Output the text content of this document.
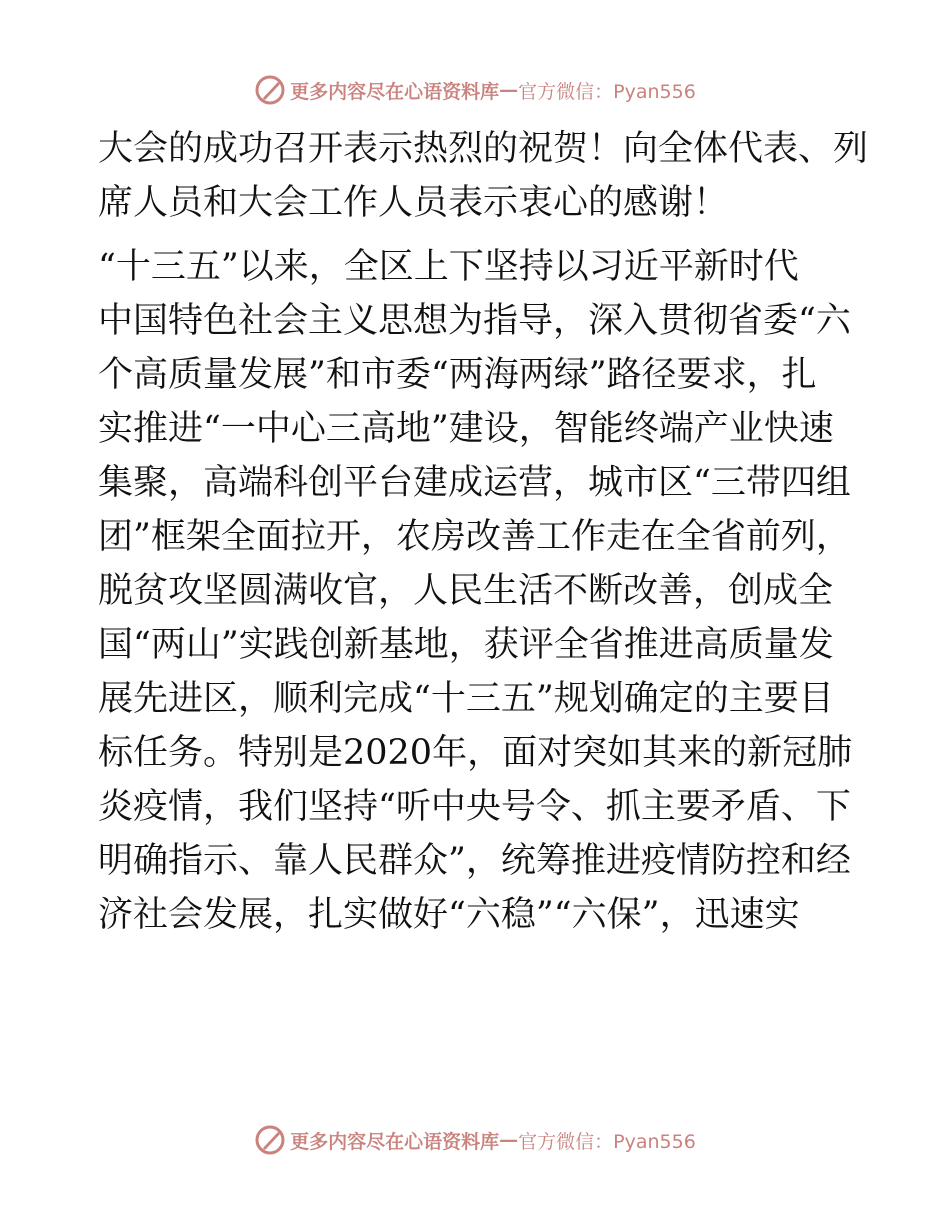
更多内容尽在心语资料库 — 官方微信：Pyan556
大会的成功召开表示热烈的祝贺！向全体代表、列
席人员和大会工作人员表示衷心的感谢！
“十三五”以来，全区上下坚持以习近平新时代
中国特色社会主义思想为指导，深入贯彻省委“六
个高质量发展”和市委“两海两绿”路径要求，扎
实推进“一中心三高地”建设，智能终端产业快速
集聚，高端科创平台建成运营，城市区“三带四组
团”框架全面拉开，农房改善工作走在全省前列，
脱贫攻坚圆满收官，人民生活不断改善，创成全
国“两山”实践创新基地，获评全省推进高质量发
展先进区，顺利完成“十三五”规划确定的主要目
标任务。特别是2020年，面对突如其来的新冠肺
炎疫情，我们坚持“听中央号令、抓主要矛盾、下
明确指示、靠人民群众”，统筹推进疫情防控和经
济社会发展，扎实做好“六稳”“六保”，迅速实
更多内容尽在心语资料库 — 官方微信：Pyan556
